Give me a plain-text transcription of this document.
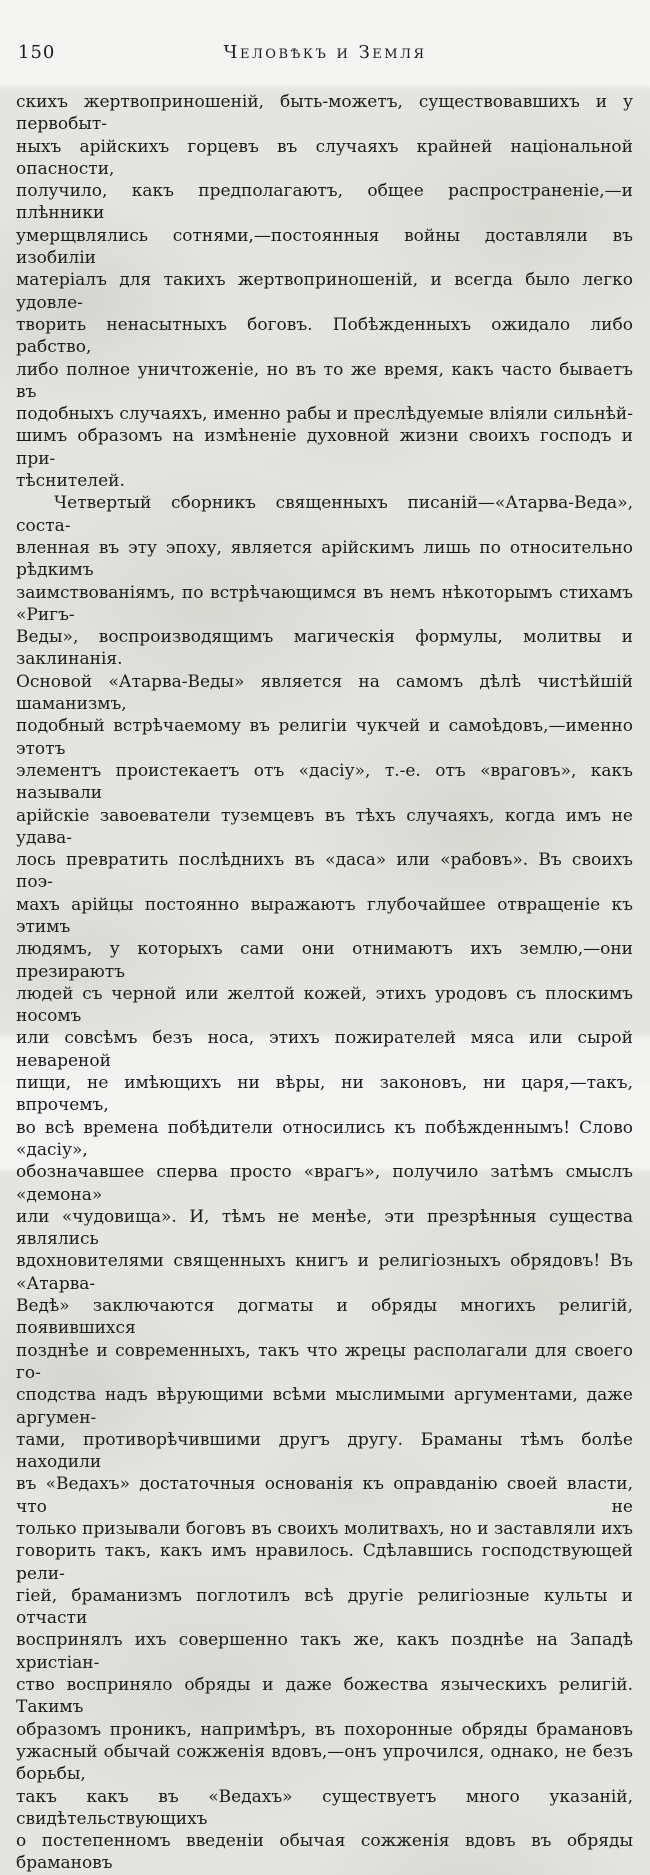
150	Человѣкъ и Земля
скихъ жертвоприношеній, быть-можетъ, существовавшихъ и у первобыт-
ныхъ арійскихъ горцевъ въ случаяхъ крайней національной опасности,
получило, какъ предполагаютъ, общее распространеніе,—и плѣнники
умерщвлялись сотнями,—постоянныя войны доставляли въ изобиліи
матеріалъ для такихъ жертвоприношеній, и всегда было легко удовле-
творить ненасытныхъ боговъ. Побѣжденныхъ ожидало либо рабство,
либо полное уничтоженіе, но въ то же время, какъ часто бываетъ въ
подобныхъ случаяхъ, именно рабы и преслѣдуемые вліяли сильнѣй-
шимъ образомъ на измѣненіе духовной жизни своихъ господъ и при-
тѣснителей.
Четвертый сборникъ священныхъ писаній—«Атарва-Веда», соста-
вленная въ эту эпоху, является арійскимъ лишь по относительно рѣдкимъ
заимствованіямъ, по встрѣчающимся въ немъ нѣкоторымъ стихамъ «Ригъ-
Веды», воспроизводящимъ магическія формулы, молитвы и заклинанія.
Основой «Атарва-Веды» является на самомъ дѣлѣ чистѣйшій шаманизмъ,
подобный встрѣчаемому въ религіи чукчей и самоѣдовъ,—именно этотъ
элементъ проистекаетъ отъ «дасіу», т.-е. отъ «враговъ», какъ называли
арійскіе завоеватели туземцевъ въ тѣхъ случаяхъ, когда имъ не удава-
лось превратить послѣднихъ въ «даса» или «рабовъ». Въ своихъ поэ-
махъ арійцы постоянно выражаютъ глубочайшее отвращеніе къ этимъ
людямъ, у которыхъ сами они отнимаютъ ихъ землю,—они презираютъ
людей съ черной или желтой кожей, этихъ уродовъ съ плоскимъ носомъ
или совсѣмъ безъ носа, этихъ пожирателей мяса или сырой невареной
пищи, не имѣющихъ ни вѣры, ни законовъ, ни царя,—такъ, впрочемъ,
во всѣ времена побѣдители относились къ побѣжденнымъ! Слово «дасіу»,
обозначавшее сперва просто «врагъ», получило затѣмъ смыслъ «демона»
или «чудовища». И, тѣмъ не менѣе, эти презрѣнныя существа являлись
вдохновителями священныхъ книгъ и религіозныхъ обрядовъ! Въ «Атарва-
Ведѣ» заключаются догматы и обряды многихъ религій, появившихся
позднѣе и современныхъ, такъ что жрецы располагали для своего го-
сподства надъ вѣрующими всѣми мыслимыми аргументами, даже аргумен-
тами, противорѣчившими другъ другу. Браманы тѣмъ болѣе находили
въ «Ведахъ» достаточныя основанія къ оправданію своей власти, что не
только призывали боговъ въ своихъ молитвахъ, но и заставляли ихъ
говорить такъ, какъ имъ нравилось. Сдѣлавшись господствующей рели-
гіей, браманизмъ поглотилъ всѣ другіе религіозные культы и отчасти
воспринялъ ихъ совершенно такъ же, какъ позднѣе на Западѣ христіан-
ство восприняло обряды и даже божества языческихъ религій. Такимъ
образомъ проникъ, напримѣръ, въ похоронные обряды брамановъ
ужасный обычай сожженія вдовъ,—онъ упрочился, однако, не безъ борьбы,
такъ какъ въ «Ведахъ» существуетъ много указаній, свидѣтельствующихъ
о постепенномъ введеніи обычая сожженія вдовъ въ обряды брамановъ
